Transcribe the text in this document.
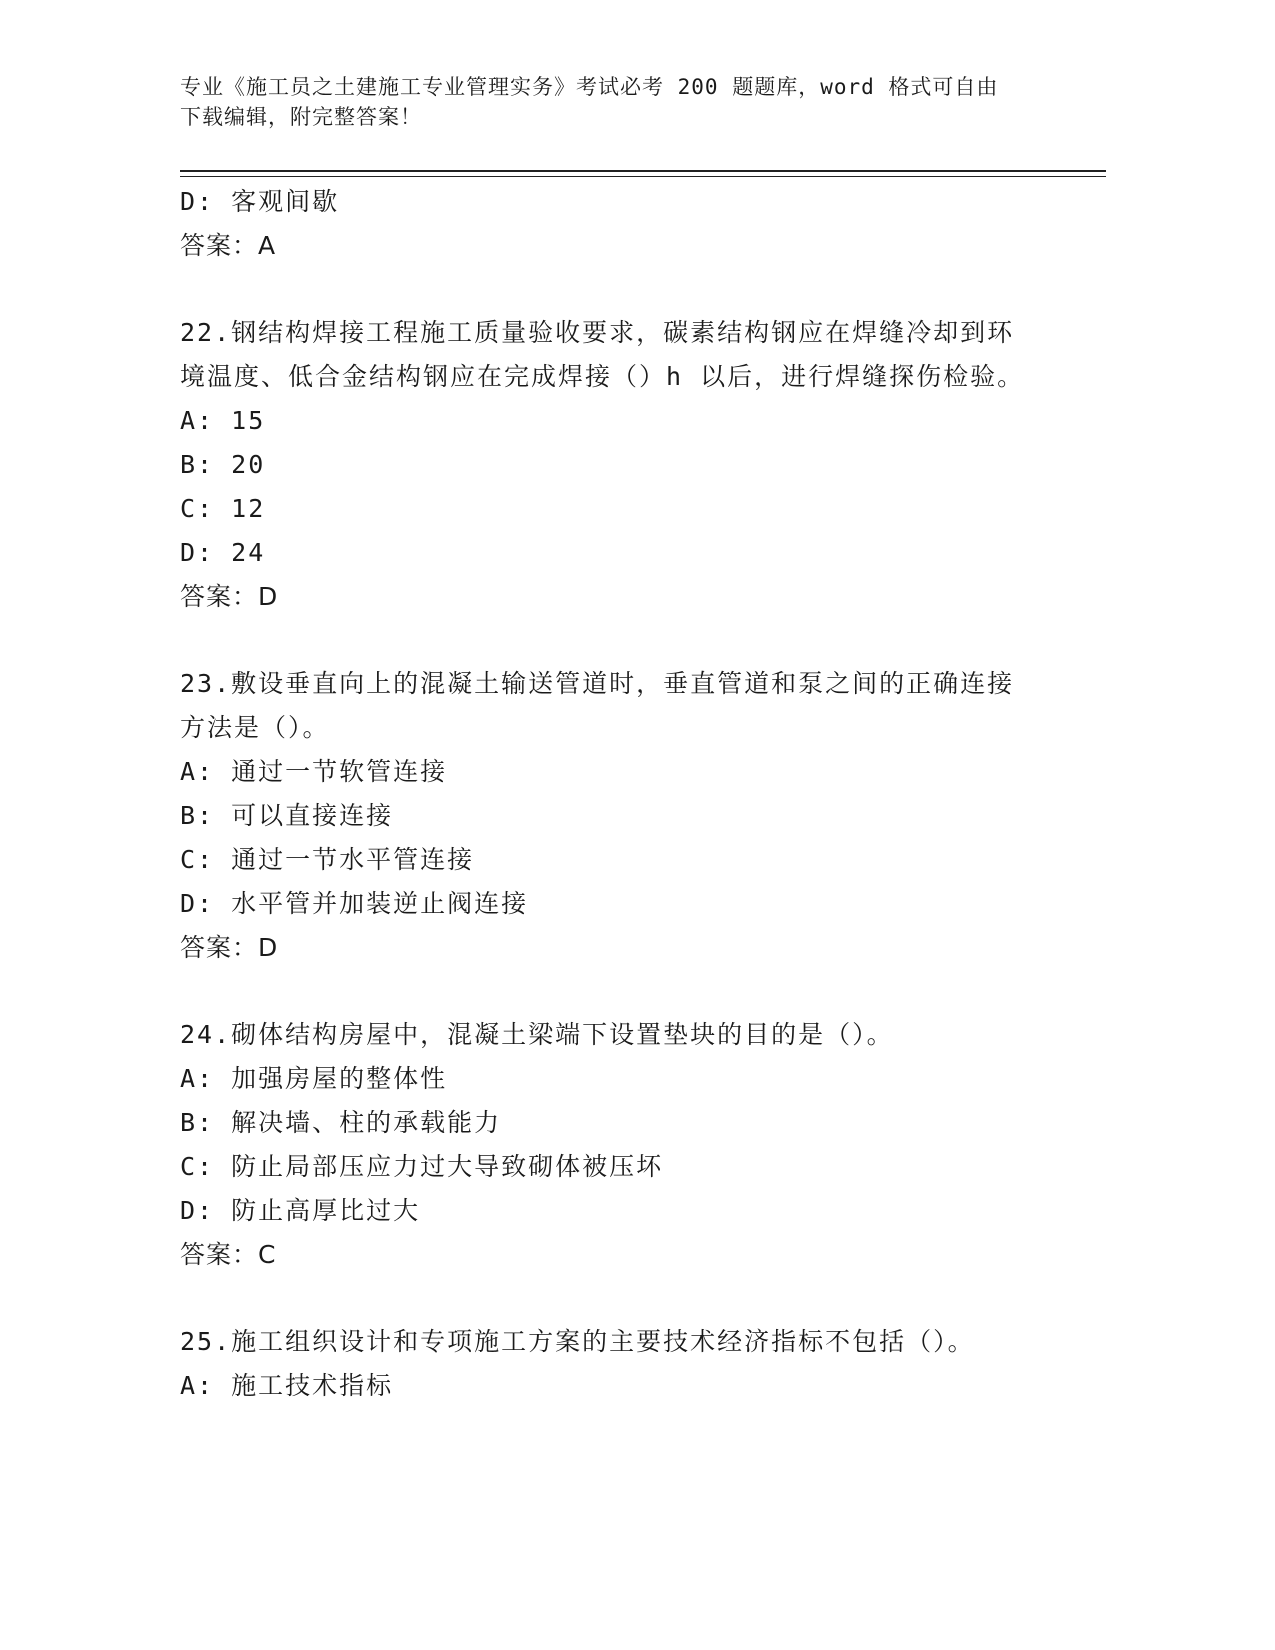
专业《施工员之土建施工专业管理实务》考试必考 200 题题库，word 格式可自由
下载编辑，附完整答案！
D: 客观间歇
答案：A
22.钢结构焊接工程施工质量验收要求，碳素结构钢应在焊缝冷却到环
境温度、低合金结构钢应在完成焊接（）h 以后，进行焊缝探伤检验。
A: 15
B: 20
C: 12
D: 24
答案：D
23.敷设垂直向上的混凝土输送管道时，垂直管道和泵之间的正确连接
方法是（）。
A: 通过一节软管连接
B: 可以直接连接
C: 通过一节水平管连接
D: 水平管并加装逆止阀连接
答案：D
24.砌体结构房屋中，混凝土梁端下设置垫块的目的是（）。
A: 加强房屋的整体性
B: 解决墙、柱的承载能力
C: 防止局部压应力过大导致砌体被压坏
D: 防止高厚比过大
答案：C
25.施工组织设计和专项施工方案的主要技术经济指标不包括（）。
A: 施工技术指标
